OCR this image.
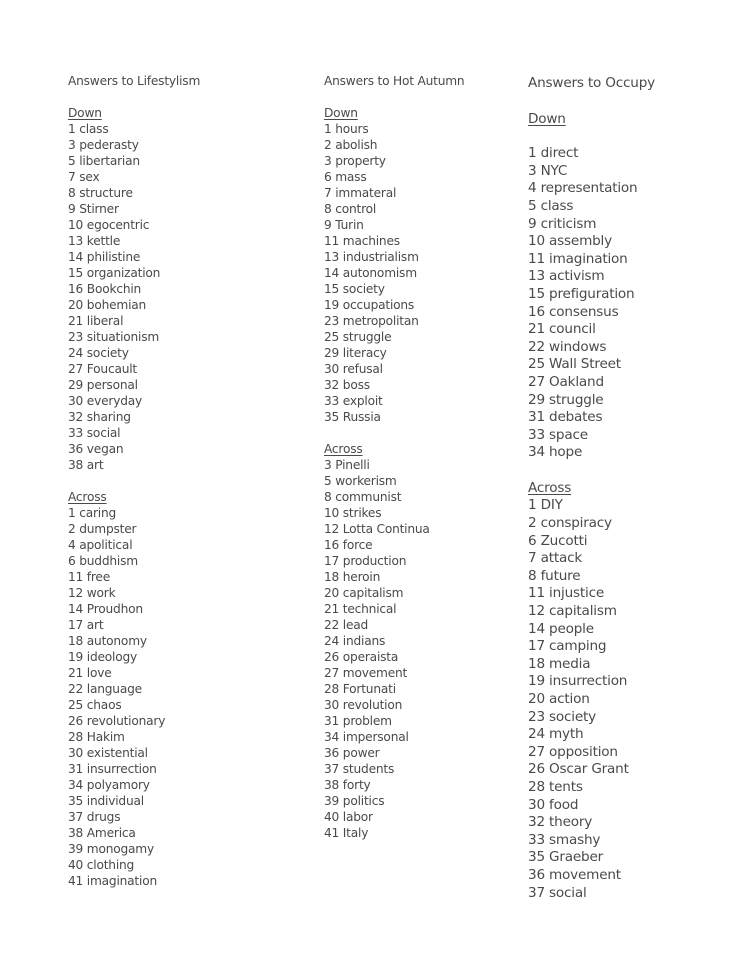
Answers to Lifestylism
Down
1 class
3 pederasty
5 libertarian
7 sex
8 structure
9 Stirner
10 egocentric
13 kettle
14 philistine
15 organization
16 Bookchin
20 bohemian
21 liberal
23 situationism
24 society
27 Foucault
29 personal
30 everyday
32 sharing
33 social
36 vegan
38 art
Across
1 caring
2 dumpster
4 apolitical
6 buddhism
11 free
12 work
14 Proudhon
17 art
18 autonomy
19 ideology
21 love
22 language
25 chaos
26 revolutionary
28 Hakim
30 existential
31 insurrection
34 polyamory
35 individual
37 drugs
38 America
39 monogamy
40 clothing
41 imagination
Answers to Hot Autumn
Down
1 hours
2 abolish
3 property
6 mass
7 immateral
8 control
9 Turin
11 machines
13 industrialism
14 autonomism
15 society
19 occupations
23 metropolitan
25 struggle
29 literacy
30 refusal
32 boss
33 exploit
35 Russia
Across
3 Pinelli
5 workerism
8 communist
10 strikes
12 Lotta Continua
16 force
17 production
18 heroin
20 capitalism
21 technical
22 lead
24 indians
26 operaista
27 movement
28 Fortunati
30 revolution
31 problem
34 impersonal
36 power
37 students
38 forty
39 politics
40 labor
41 Italy
Answers to Occupy
Down
1 direct
3 NYC
4 representation
5 class
9 criticism
10 assembly
11 imagination
13 activism
15 prefiguration
16 consensus
21 council
22 windows
25 Wall Street
27 Oakland
29 struggle
31 debates
33 space
34 hope
Across
1 DIY
2 conspiracy
6 Zucotti
7 attack
8 future
11 injustice
12 capitalism
14 people
17 camping
18 media
19 insurrection
20 action
23 society
24 myth
27 opposition
26 Oscar Grant
28 tents
30 food
32 theory
33 smashy
35 Graeber
36 movement
37 social
